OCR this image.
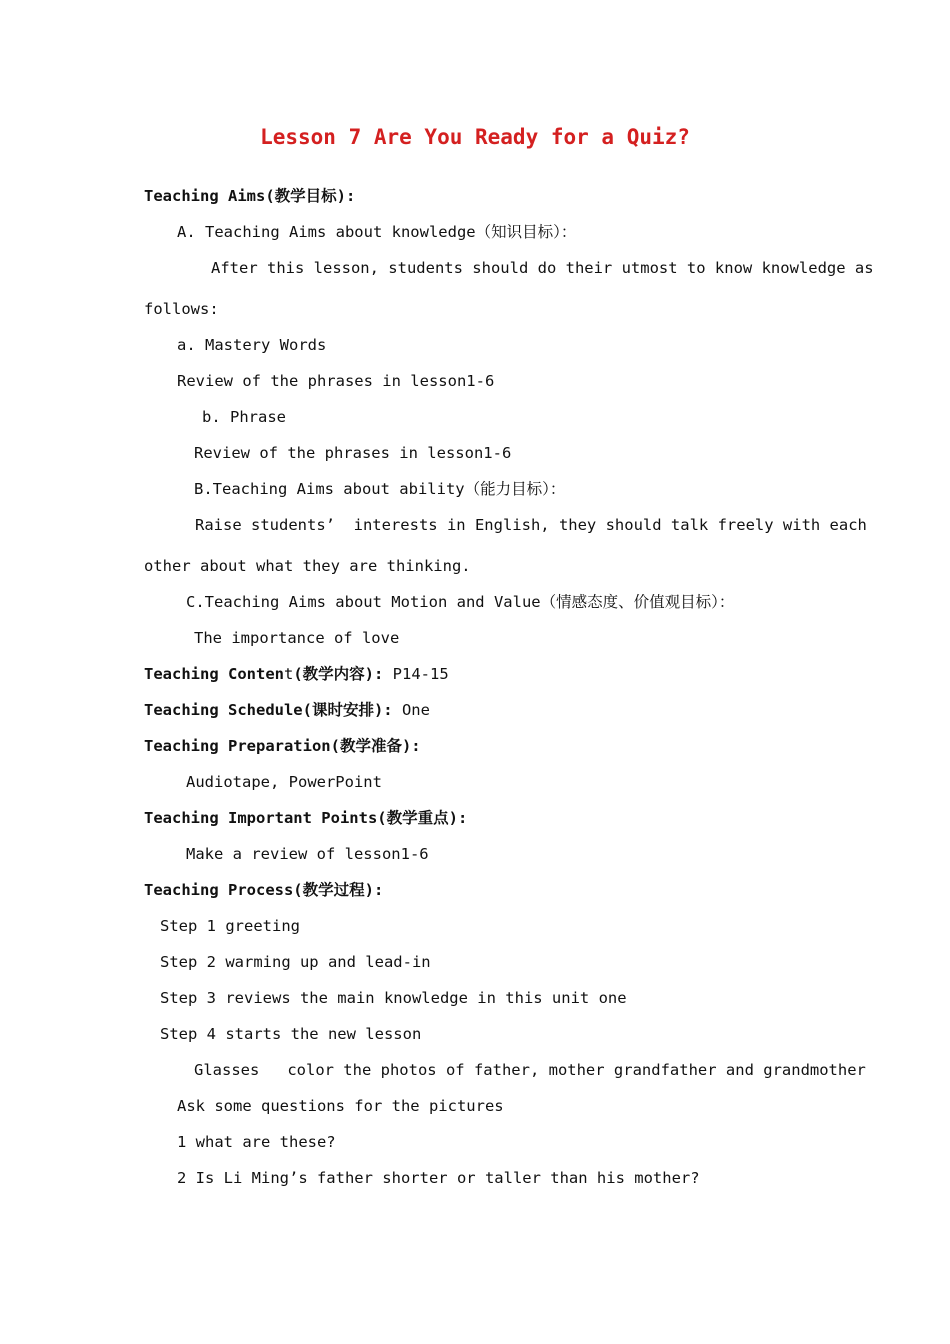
Lesson 7 Are You Ready for a Quiz?
Teaching Aims(教学目标):
A. Teaching Aims about knowledge（知识目标）：
After this lesson, students should do their utmost to know knowledge as
follows:
a. Mastery Words
Review of the phrases in lesson1-6
b. Phrase
Review of the phrases in lesson1-6
B.Teaching Aims about ability（能力目标）：
Raise students’  interests in English, they should talk freely with each
other about what they are thinking.
C.Teaching Aims about Motion and Value（情感态度、价值观目标）：
The importance of love
Teaching Content(教学内容): P14-15
Teaching Schedule(课时安排): One
Teaching Preparation(教学准备):
Audiotape, PowerPoint
Teaching Important Points(教学重点):
Make a review of lesson1-6
Teaching Process(教学过程):
Step 1 greeting
Step 2 warming up and lead-in
Step 3 reviews the main knowledge in this unit one
Step 4 starts the new lesson
Glasses   color the photos of father, mother grandfather and grandmother
Ask some questions for the pictures
1 what are these?
2 Is Li Ming’s father shorter or taller than his mother?
